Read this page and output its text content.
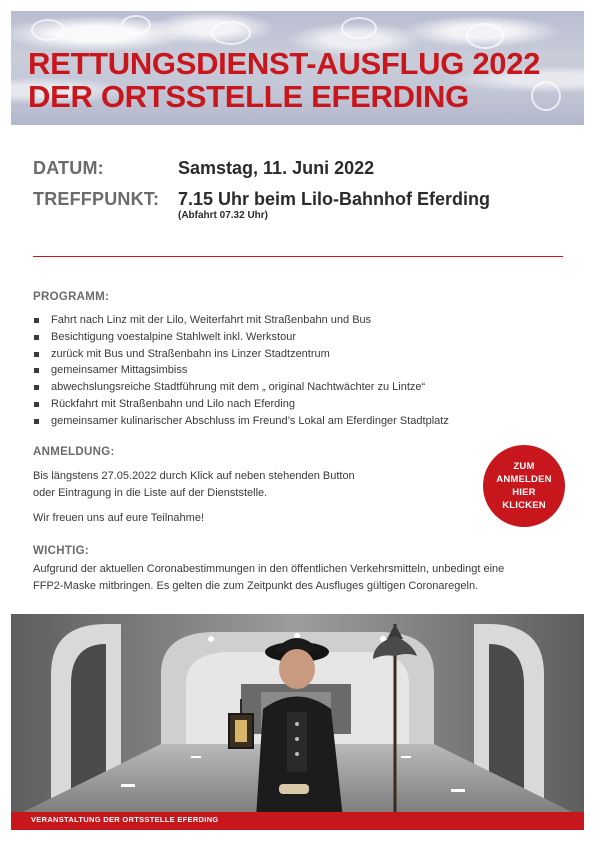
RETTUNGSDIENST-AUSFLUG 2022
DER ORTSSTELLE EFERDING
DATUM:	Samstag, 11. Juni 2022
TREFFPUNKT: 7.15 Uhr beim Lilo-Bahnhof Eferding
(Abfahrt 07.32 Uhr)
PROGRAMM:
Fahrt nach Linz mit der Lilo, Weiterfahrt mit Straßenbahn und Bus
Besichtigung voestalpine Stahlwelt inkl. Werkstour
zurück mit Bus und Straßenbahn ins Linzer Stadtzentrum
gemeinsamer Mittagsimbiss
abwechslungsreiche Stadtführung mit dem „ original Nachtwächter zu Lintze“
Rückfahrt mit Straßenbahn und Lilo nach Eferding
gemeinsamer kulinarischer Abschluss im Freund’s Lokal am Eferdinger Stadtplatz
ANMELDUNG:
Bis längstens 27.05.2022 durch Klick auf neben stehenden Button
oder Eintragung in die Liste auf der Dienststelle.
Wir freuen uns auf eure Teilnahme!
ZUM
ANMELDEN
HIER
KLICKEN
WICHTIG:
Aufgrund der aktuellen Coronabestimmungen in den öffentlichen Verkehrsmitteln, unbedingt eine
FFP2-Maske mitbringen. Es gelten die zum Zeitpunkt des Ausfluges gültigen Coronaregeln.
VERANSTALTUNG DER ORTSSTELLE EFERDING
